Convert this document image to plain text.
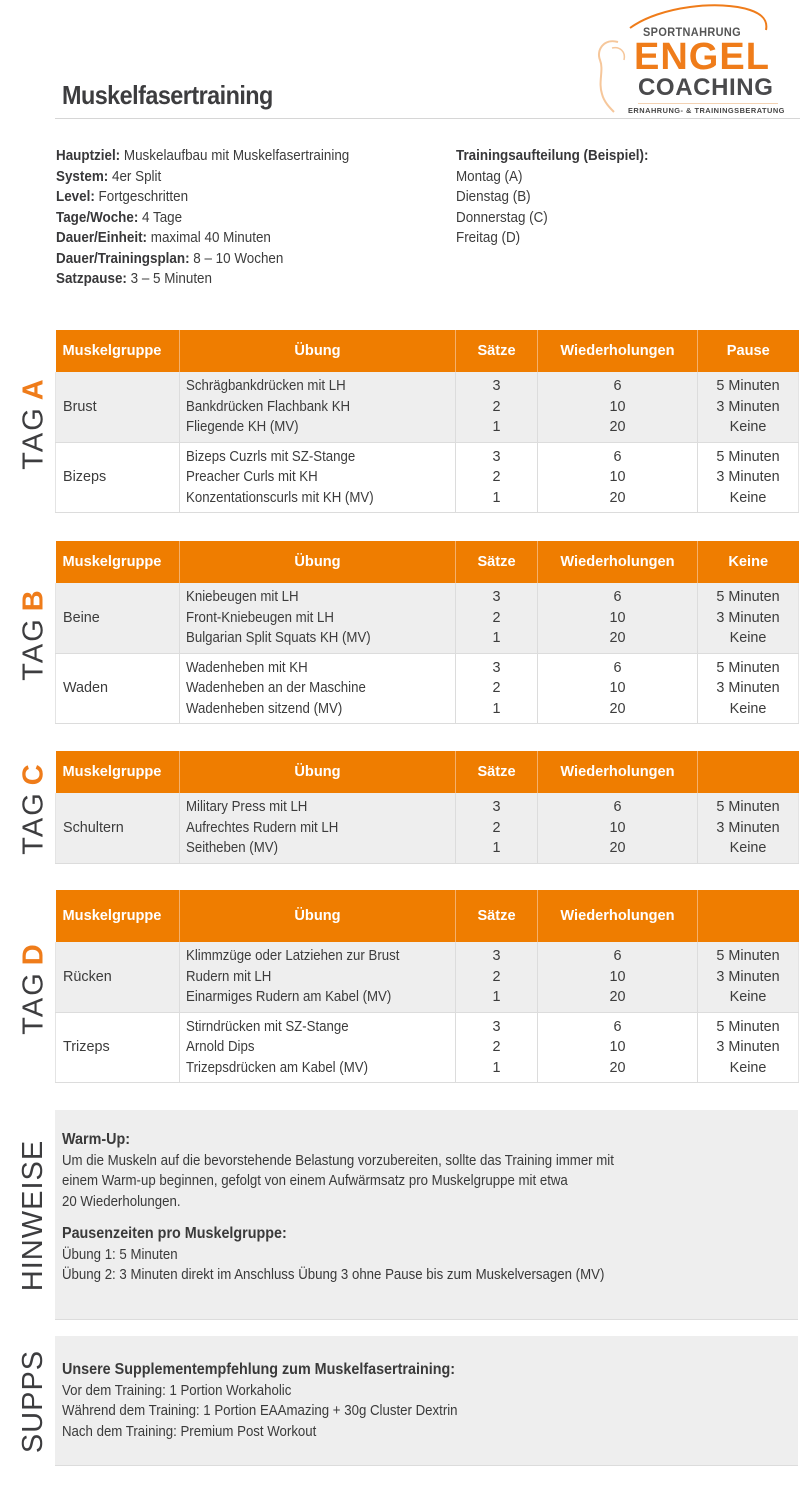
Muskelfasertraining
SPORTNAHRUNG
ENGEL
COACHING
ERNAHRUNG- & TRAININGSBERATUNG
Hauptziel: Muskelaufbau mit Muskelfasertraining
System: 4er Split
Level: Fortgeschritten
Tage/Woche: 4 Tage
Dauer/Einheit: maximal 40 Minuten
Dauer/Trainingsplan: 8 – 10 Wochen
Satzpause: 3 – 5 Minuten
Trainingsaufteilung (Beispiel):
Montag (A)
Dienstag (B)
Donnerstag (C)
Freitag (D)
TAGA
Muskelgruppe	Übung	Sätze	Wiederholungen	Pause
Brust	Schrägbankdrücken mit LH
Bankdrücken Flachbank KH
Fliegende KH (MV)	3
2
1	6
10
20	5 Minuten
3 Minuten
Keine

Bizeps	Bizeps Cuzrls mit SZ-Stange
Preacher Curls mit KH
Konzentationscurls mit KH (MV)	3
2
1	6
10
20	5 Minuten
3 Minuten
Keine
TAGB
Muskelgruppe	Übung	Sätze	Wiederholungen	Keine
Beine	Kniebeugen mit LH
Front-Kniebeugen mit LH
Bulgarian Split Squats KH (MV)	3
2
1	6
10
20	5 Minuten
3 Minuten
Keine

Waden	Wadenheben mit KH
Wadenheben an der Maschine
Wadenheben sitzend (MV)	3
2
1	6
10
20	5 Minuten
3 Minuten
Keine
TAGC Muskelgruppe	Übung	Sätze	Wiederholungen	
Schultern	Military Press mit LH
Aufrechtes Rudern mit LH
Seitheben (MV)	3
2
1	6
10
20	5 Minuten
3 Minuten
Keine
TAGD
Muskelgruppe	Übung	Sätze	Wiederholungen	
Rücken	Klimmzüge oder Latziehen zur Brust
Rudern mit LH
Einarmiges Rudern am Kabel (MV)	3
2
1	6
10
20	5 Minuten
3 Minuten
Keine

Trizeps	Stirndrücken mit SZ-Stange
Arnold Dips
Trizepsdrücken am Kabel (MV)	3
2
1	6
10
20	5 Minuten
3 Minuten
Keine
HINWEISE Warm-Up:
Um die Muskeln auf die bevorstehende Belastung vorzubereiten, sollte das Training immer mit
einem Warm-up beginnen, gefolgt von einem Aufwärmsatz pro Muskelgruppe mit etwa
20 Wiederholungen.
Pausenzeiten pro Muskelgruppe:
Übung 1: 5 Minuten
Übung 2: 3 Minuten direkt im Anschluss Übung 3 ohne Pause bis zum Muskelversagen (MV)
SUPPS Unsere Supplementempfehlung zum Muskelfasertraining:
Vor dem Training: 1 Portion Workaholic
Während dem Training: 1 Portion EAAmazing + 30g Cluster Dextrin
Nach dem Training: Premium Post Workout
